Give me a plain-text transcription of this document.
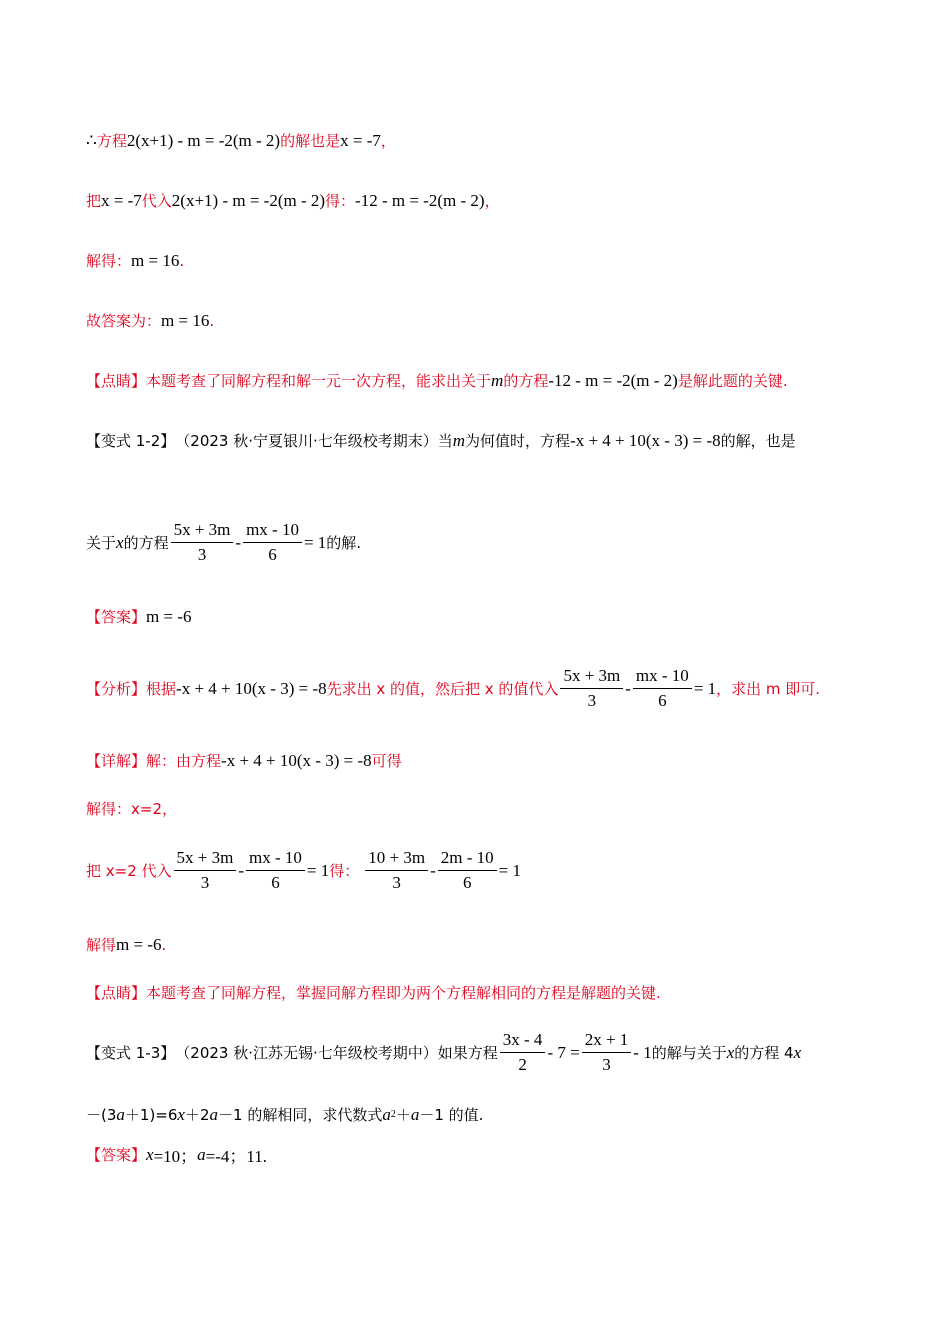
∴ 方程 2(x+1) - m = -2(m - 2) 的解也是 x = -7 ，
把 x = -7 代入 2(x+1) - m = -2(m - 2) 得： -12 - m = -2(m - 2) ，
解得： m = 16 .
故答案为： m = 16 .
【点睛】 本题考查了同解方程和解一元一次方程，能求出关于 m 的方程 -12 - m = -2(m - 2) 是解此题的关键.
【变式 1-2】 （2023 秋·宁夏银川·七年级校考期末）当 m 为何值时，方程 -x + 4 + 10(x - 3) = -8 的解，也是
关于 x 的方程 $\frac{5x + 3m}{3} - \frac{mx - 10}{6} = 1$ 的解.
【答案】 m = -6
【分析】 根据 -x + 4 + 10(x - 3) = -8 先求出 x 的值，然后把 x 的值代入 $\frac{5x + 3m}{3} - \frac{mx - 10}{6} = 1$ ，求出 m 即可.
【详解】 解：由方程 -x + 4 + 10(x - 3) = -8 可得
解得：x=2，
把 x=2 代入 $\frac{5x + 3m}{3} - \frac{mx - 10}{6} = 1$ 得： $\frac{10 + 3m}{3} - \frac{2m - 10}{6} = 1$
解得 m = -6 .
【点睛】 本题考查了同解方程，掌握同解方程即为两个方程解相同的方程是解题的关键.
【变式 1-3】 （2023 秋·江苏无锡·七年级校考期中）如果方程 $\frac{3x - 4}{2} - 7 = \frac{2x + 1}{3} - 1$ 的解与关于 x 的方程 4 x
－(3 a ＋1)=6 x ＋2 a －1 的解相同，求代数式 a 2 ＋ a －1 的值.
【答案】 x =10； a =-4；11.
